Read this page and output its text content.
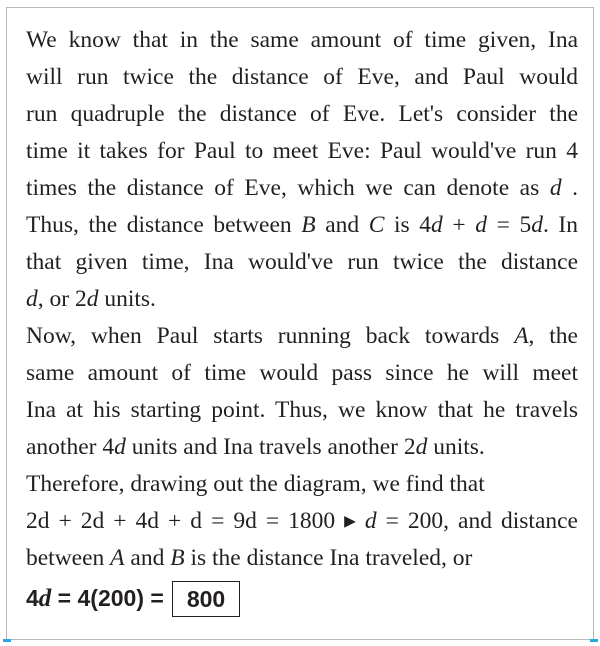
We know that in the same amount of time given, Ina
will run twice the distance of Eve, and Paul would
run quadruple the distance of Eve. Let's consider the
time it takes for Paul to meet Eve: Paul would've run 4
times the distance of Eve, which we can denote as d .
Thus, the distance between B and C is 4d + d = 5d. In
that given time, Ina would've run twice the distance
d, or 2d units.
Now, when Paul starts running back towards A, the
same amount of time would pass since he will meet
Ina at his starting point. Thus, we know that he travels
another 4d units and Ina travels another 2d units.
Therefore, drawing out the diagram, we find that
2d + 2d + 4d + d = 9d = 1800 ▸ d = 200, and distance
between A and B is the distance Ina traveled, or
4d = 4(200) =	800
